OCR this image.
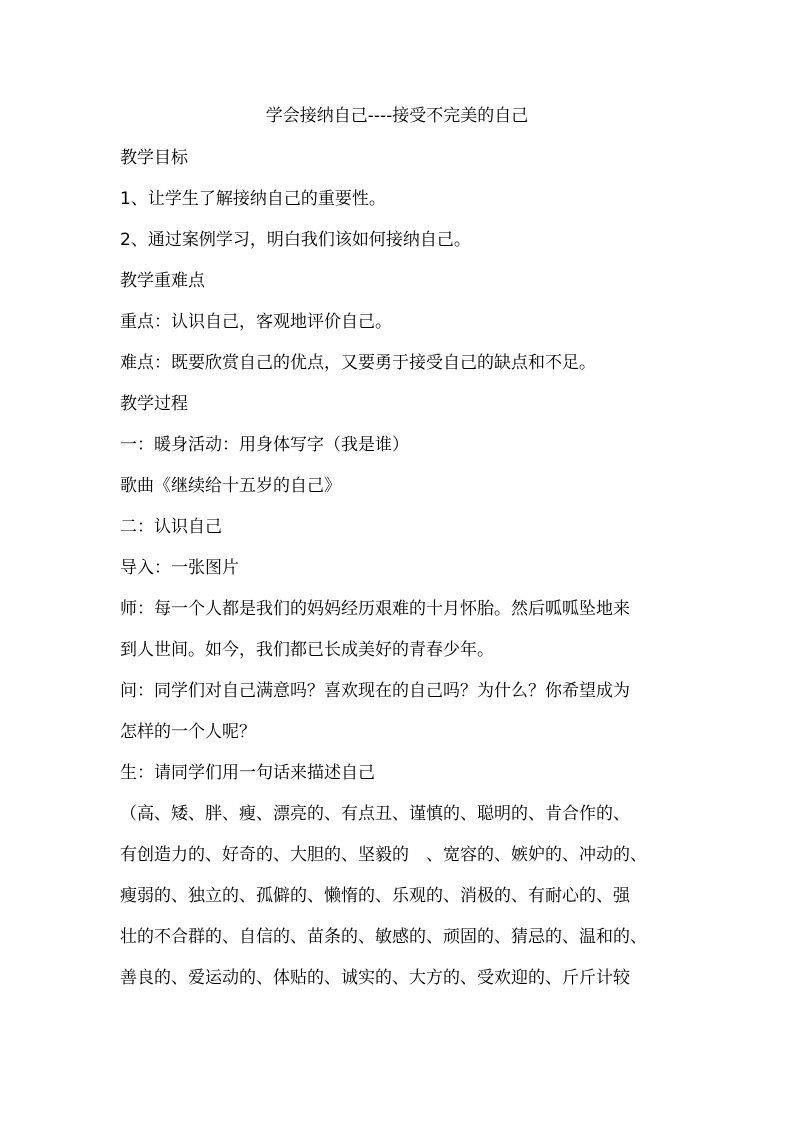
学会接纳自己----接受不完美的自己
教学目标
1、让学生了解接纳自己的重要性。
2、通过案例学习，明白我们该如何接纳自己。
教学重难点
重点：认识自己，客观地评价自己。
难点：既要欣赏自己的优点，又要勇于接受自己的缺点和不足。
教学过程
一：暖身活动：用身体写字（我是谁）
歌曲《继续给十五岁的自己》
二：认识自己
导入：一张图片
师：每一个人都是我们的妈妈经历艰难的十月怀胎。然后呱呱坠地来
到人世间。如今，我们都已长成美好的青春少年。
问：同学们对自己满意吗？喜欢现在的自己吗？为什么？你希望成为
怎样的一个人呢？
生：请同学们用一句话来描述自己
（高、矮、胖、瘦、漂亮的、有点丑、谨慎的、聪明的、肯合作的、
有创造力的、好奇的、大胆的、坚毅的　、宽容的、嫉妒的、冲动的、
瘦弱的、独立的、孤僻的、懒惰的、乐观的、消极的、有耐心的、强
壮的不合群的、自信的、苗条的、敏感的、顽固的、猜忌的、温和的、
善良的、爱运动的、体贴的、诚实的、大方的、受欢迎的、斤斤计较
